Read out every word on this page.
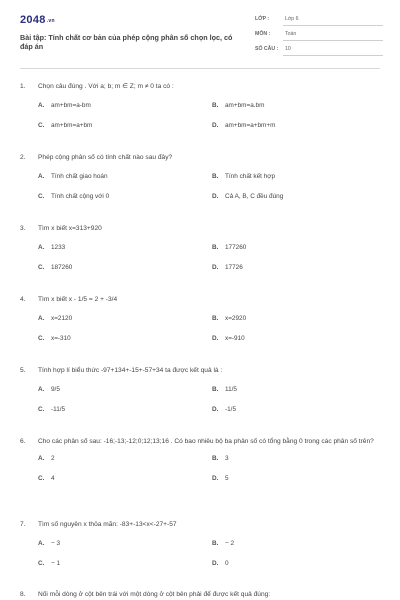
2048.vn
Bài tập: Tính chất cơ bản của phép cộng phân số chọn lọc, có đáp án
LỚP :	Lớp 6
MÔN :	Toán
SỐ CÂU : 10
1.	Chọn câu đúng . Với a; b; m ∈ Z; m ≠ 0 ta có :
A. am+bm=a-bm	B. am+bm=a.bm
C. am+bm=a+bm	D. am+bm=a+bm+m
2.	Phép cộng phân số có tính chất nào sau đây?
A. Tính chất giao hoán	B. Tính chất kết hợp
C. Tính chất cộng với 0	D. Cả A, B, C đều đúng
3.	Tìm x biết x=313+920
A. 1233	B. 177260
C. 187260	D. 17726
4.	Tìm x biết x - 1/5 = 2 + -3/4
A. x=2120	B. x=2920
C. x=-310	D. x=-910
5.	Tính hợp lí biểu thức -97+134+-15+-57+34 ta được kết quả là :
A. 9/5	B. 11/5
C. -11/5	D. -1/5
6.	Cho các phân số sau: -16;-13;-12;0;12;13;16 . Có bao nhiêu bộ ba phân số có tổng bằng 0 trong các phân số trên?
A. 2	B. 3
C. 4	D. 5
7.	Tìm số nguyên x thỏa mãn: -83+-13<x<-27+-57
A. − 3	B. − 2
C. − 1	D. 0
8.	Nối mỗi dòng ở cột bên trái với một dòng ở cột bên phải để được kết quả đúng:
